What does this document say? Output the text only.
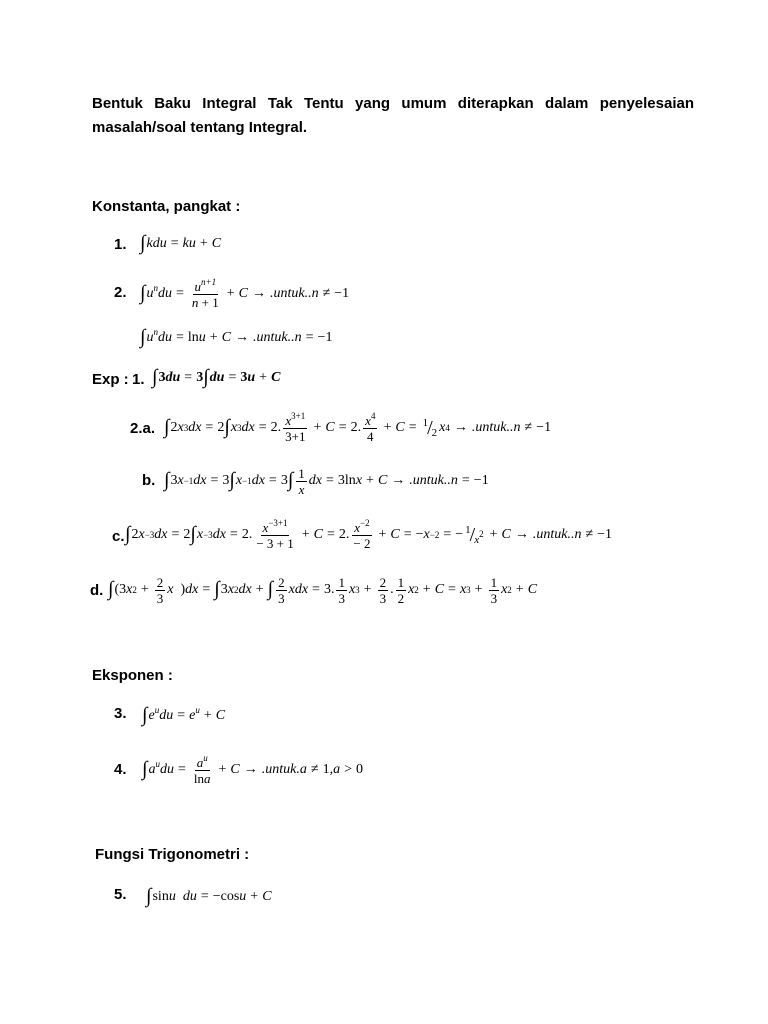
Bentuk Baku Integral Tak Tentu yang umum diterapkan dalam penyelesaian masalah/soal tentang Integral.
Konstanta, pangkat :
1. ∫ kdu = ku + C
2. ∫ $u^ndu = \frac{u^{n+1}}{n + 1} + C$ → .untuk..n ≠ −1
∫ $u^ndu = \ln u + C$ → .untuk..n = −1
Exp : 1. ∫ 3du = 3 ∫ du = 3u + C
2.a. ∫ 2 x 3 dx = 2 ∫ x 3 dx = 2. $\frac{x^{3+1}}{3+1} + C = 2$. $\frac{x^4}{4} + C = 1 / 2$ x 4 → .untuk..n ≠ −1
b. ∫ 3 x −1 dx = 3 ∫ x −1 dx = 3 ∫ $\frac{1}{x}$ dx = 3ln x + C → .untuk..n = −1
c. ∫ 2 x −3 dx = 2 ∫ x −3 dx = 2. $\frac{x^{-3+1}}{- 3 + 1} + C = 2$. $\frac{x^{-2}}{- 2} + C$ = − x −2 = − $1 / x^2 + C$ → .untuk..n ≠ −1
d. ∫ (3 x $2 + \frac{2}{3}$ x ) dx = ∫ 3 x 2 dx + ∫ $\frac{2}{3}$ xdx = 3. $\frac{1}{3}$ x $3 + \frac{2}{3}$ . $\frac{1}{2}$ x 2 + C = x $3 + \frac{1}{3}$ x 2 + C
Eksponen :
3. ∫ $e^udu = e^u + C$
4. ∫ $a^udu = \frac{a^u}{\ln a} + C$ → .untuk.a ≠ 1, a > 0
Fungsi Trigonometri :
5. ∫ sin u
du = −cos u + C
